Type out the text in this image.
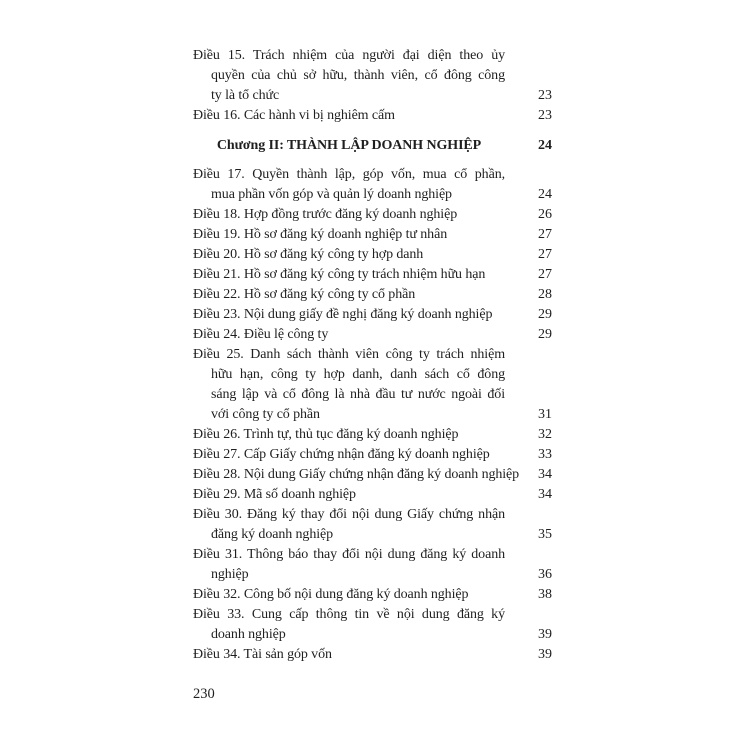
Điều 15. Trách nhiệm của người đại diện theo ủy
quyền của chủ sở hữu, thành viên, cổ đông công
ty là tổ chức	23
Điều 16. Các hành vi bị nghiêm cấm	23
Chương II: THÀNH LẬP DOANH NGHIỆP	24
Điều 17. Quyền thành lập, góp vốn, mua cổ phần,
mua phần vốn góp và quản lý doanh nghiệp	24
Điều 18. Hợp đồng trước đăng ký doanh nghiệp	26
Điều 19. Hồ sơ đăng ký doanh nghiệp tư nhân	27
Điều 20. Hồ sơ đăng ký công ty hợp danh	27
Điều 21. Hồ sơ đăng ký công ty trách nhiệm hữu hạn	27
Điều 22. Hồ sơ đăng ký công ty cổ phần	28
Điều 23. Nội dung giấy đề nghị đăng ký doanh nghiệp	29
Điều 24. Điều lệ công ty	29
Điều 25. Danh sách thành viên công ty trách nhiệm
hữu hạn, công ty hợp danh, danh sách cổ đông
sáng lập và cổ đông là nhà đầu tư nước ngoài đối
với công ty cổ phần	31
Điều 26. Trình tự, thủ tục đăng ký doanh nghiệp	32
Điều 27. Cấp Giấy chứng nhận đăng ký doanh nghiệp	33
Điều 28. Nội dung Giấy chứng nhận đăng ký doanh nghiệp 34
Điều 29. Mã số doanh nghiệp	34
Điều 30. Đăng ký thay đổi nội dung Giấy chứng nhận
đăng ký doanh nghiệp	35
Điều 31. Thông báo thay đổi nội dung đăng ký doanh
nghiệp	36
Điều 32. Công bố nội dung đăng ký doanh nghiệp	38
Điều 33. Cung cấp thông tin về nội dung đăng ký
doanh nghiệp	39
Điều 34. Tài sản góp vốn	39
230
